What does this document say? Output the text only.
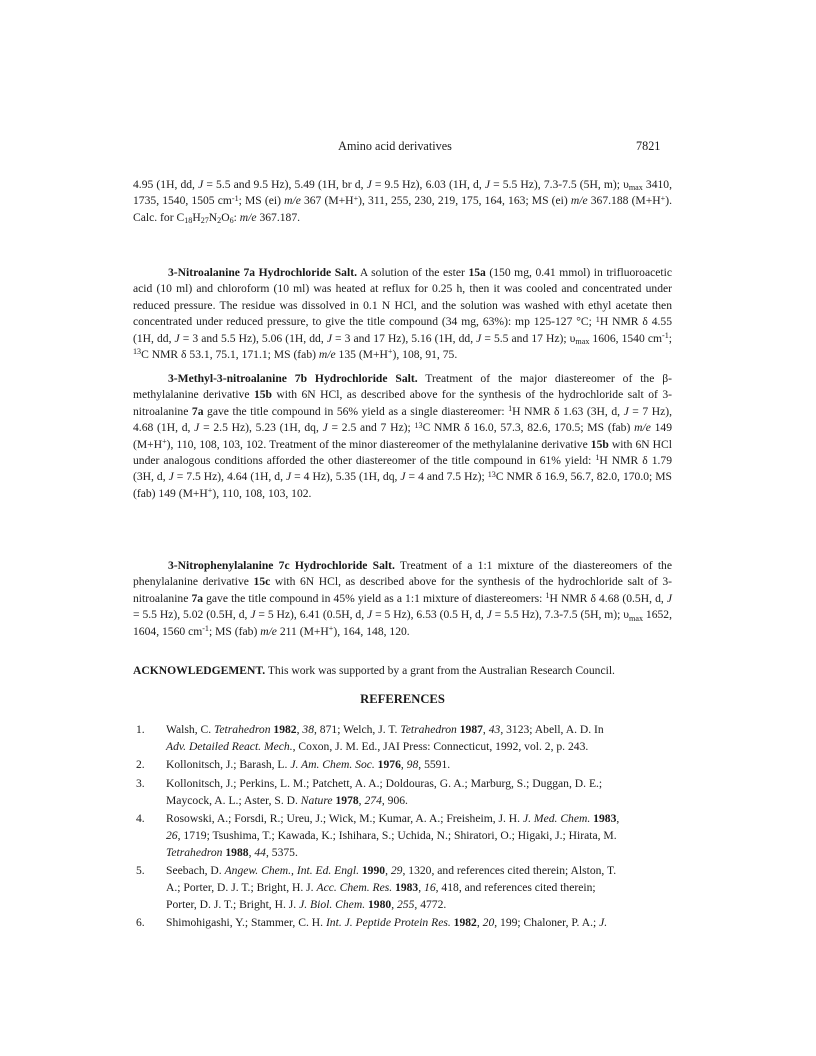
Amino acid derivatives	7821

4.95 (1H, dd, J = 5.5 and 9.5 Hz), 5.49 (1H, br d, J = 9.5 Hz), 6.03 (1H, d, J = 5.5 Hz), 7.3-7.5 (5H, m); $\upsilon_{max}$ 3410, 1735, 1540, 1505 $cm^{-1}$; MS (ei) m/e 367 (M+H+), 311, 255, 230, 219, 175, 164, 163; MS (ei) m/e 367.188 (M+H+). Calc. for $C_{18}H_{27}N_2O_6$: m/e 367.187.

3-Nitroalanine 7a Hydrochloride Salt. A solution of the ester 15a (150 mg, 0.41 mmol) in trifluoroacetic acid (10 ml) and chloroform (10 ml) was heated at reflux for 0.25 h, then it was cooled and concentrated under reduced pressure. The residue was dissolved in 0.1 N HCl, and the solution was washed with ethyl acetate then concentrated under reduced pressure, to give the title compound (34 mg, 63%): mp 125-127 °C; $^1$H NMR δ 4.55 (1H, dd, J = 3 and 5.5 Hz), 5.06 (1H, dd, J = 3 and 17 Hz), 5.16 (1H, dd, J = 5.5 and 17 Hz); $\upsilon_{max}$ 1606, 1540 $cm^{-1}$; $^{13}$C NMR δ 53.1, 75.1, 171.1; MS (fab) m/e 135 (M+H+), 108, 91, 75.

3-Methyl-3-nitroalanine 7b Hydrochloride Salt. Treatment of the major diastereomer of the β-methylalanine derivative 15b with 6N HCl, as described above for the synthesis of the hydrochloride salt of 3-nitroalanine 7a gave the title compound in 56% yield as a single diastereomer: $^1$H NMR δ 1.63 (3H, d, J = 7 Hz), 4.68 (1H, d, J = 2.5 Hz), 5.23 (1H, dq, J = 2.5 and 7 Hz); $^{13}$C NMR δ 16.0, 57.3, 82.6, 170.5; MS (fab) m/e 149 (M+H+), 110, 108, 103, 102. Treatment of the minor diastereomer of the methylalanine derivative 15b with 6N HCl under analogous conditions afforded the other diastereomer of the title compound in 61% yield: $^1$H NMR δ 1.79 (3H, d, J = 7.5 Hz), 4.64 (1H, d, J = 4 Hz), 5.35 (1H, dq, J = 4 and 7.5 Hz); $^{13}$C NMR δ 16.9, 56.7, 82.0, 170.0; MS (fab) 149 (M+H+), 110, 108, 103, 102.

3-Nitrophenylalanine 7c Hydrochloride Salt. Treatment of a 1:1 mixture of the diastereomers of the phenylalanine derivative 15c with 6N HCl, as described above for the synthesis of the hydrochloride salt of 3-nitroalanine 7a gave the title compound in 45% yield as a 1:1 mixture of diastereomers: $^1$H NMR δ 4.68 (0.5H, d, J = 5.5 Hz), 5.02 (0.5H, d, J = 5 Hz), 6.41 (0.5H, d, J = 5 Hz), 6.53 (0.5 H, d, J = 5.5 Hz), 7.3-7.5 (5H, m); $\upsilon_{max}$ 1652, 1604, 1560 $cm^{-1}$; MS (fab) m/e 211 (M+H+), 164, 148, 120.

ACKNOWLEDGEMENT. This work was supported by a grant from the Australian Research Council.

REFERENCES
1. Walsh, C. Tetrahedron 1982, 38, 871; Welch, J. T. Tetrahedron 1987, 43, 3123; Abell, A. D. In
Adv. Detailed React. Mech., Coxon, J. M. Ed., JAI Press: Connecticut, 1992, vol. 2, p. 243.
2. Kollonitsch, J.; Barash, L. J. Am. Chem. Soc. 1976, 98, 5591.
3. Kollonitsch, J.; Perkins, L. M.; Patchett, A. A.; Doldouras, G. A.; Marburg, S.; Duggan, D. E.;
Maycock, A. L.; Aster, S. D. Nature 1978, 274, 906.
4. Rosowski, A.; Forsdi, R.; Ureu, J.; Wick, M.; Kumar, A. A.; Freisheim, J. H. J. Med. Chem. 1983,
26, 1719; Tsushima, T.; Kawada, K.; Ishihara, S.; Uchida, N.; Shiratori, O.; Higaki, J.; Hirata, M.
Tetrahedron 1988, 44, 5375.
5. Seebach, D. Angew. Chem., Int. Ed. Engl. 1990, 29, 1320, and references cited therein; Alston, T.
A.; Porter, D. J. T.; Bright, H. J. Acc. Chem. Res. 1983, 16, 418, and references cited therein;
Porter, D. J. T.; Bright, H. J. J. Biol. Chem. 1980, 255, 4772.
6. Shimohigashi, Y.; Stammer, C. H. Int. J. Peptide Protein Res. 1982, 20, 199; Chaloner, P. A.; J.
